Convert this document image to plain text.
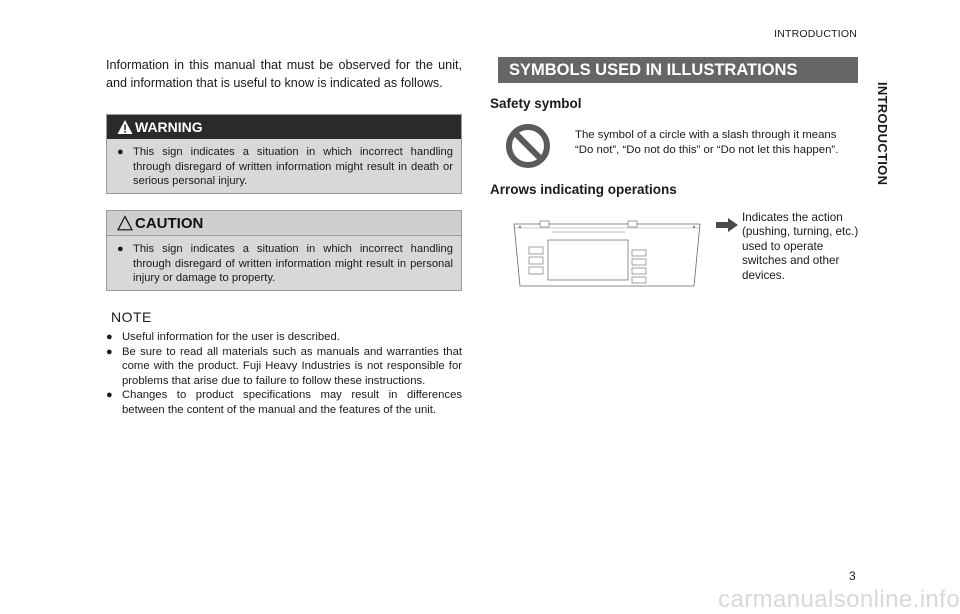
INTRODUCTION
INTRODUCTION
Information in this manual that must be observed for the unit, and information that is useful to know is indicated as follows.
WARNING
● This sign indicates a situation in which incorrect handling through disregard of written information might result in death or serious personal injury.
CAUTION
● This sign indicates a situation in which incorrect handling through disregard of written information might result in personal injury or damage to property.
NOTE
● Useful information for the user is described.
● Be sure to read all materials such as manuals and warranties that come with the product. Fuji Heavy Industries is not responsible for problems that arise due to failure to follow these instructions.
● Changes to product specifications may result in differences between the content of the manual and the features of the unit.
SYMBOLS USED IN ILLUSTRATIONS
Safety symbol
The symbol of a circle with a slash through it means “Do not”, “Do not do this” or “Do not let this happen”.
Arrows indicating operations
Indicates the action (pushing, turning, etc.) used to operate switches and other devices.
3
carmanualsonline.info
